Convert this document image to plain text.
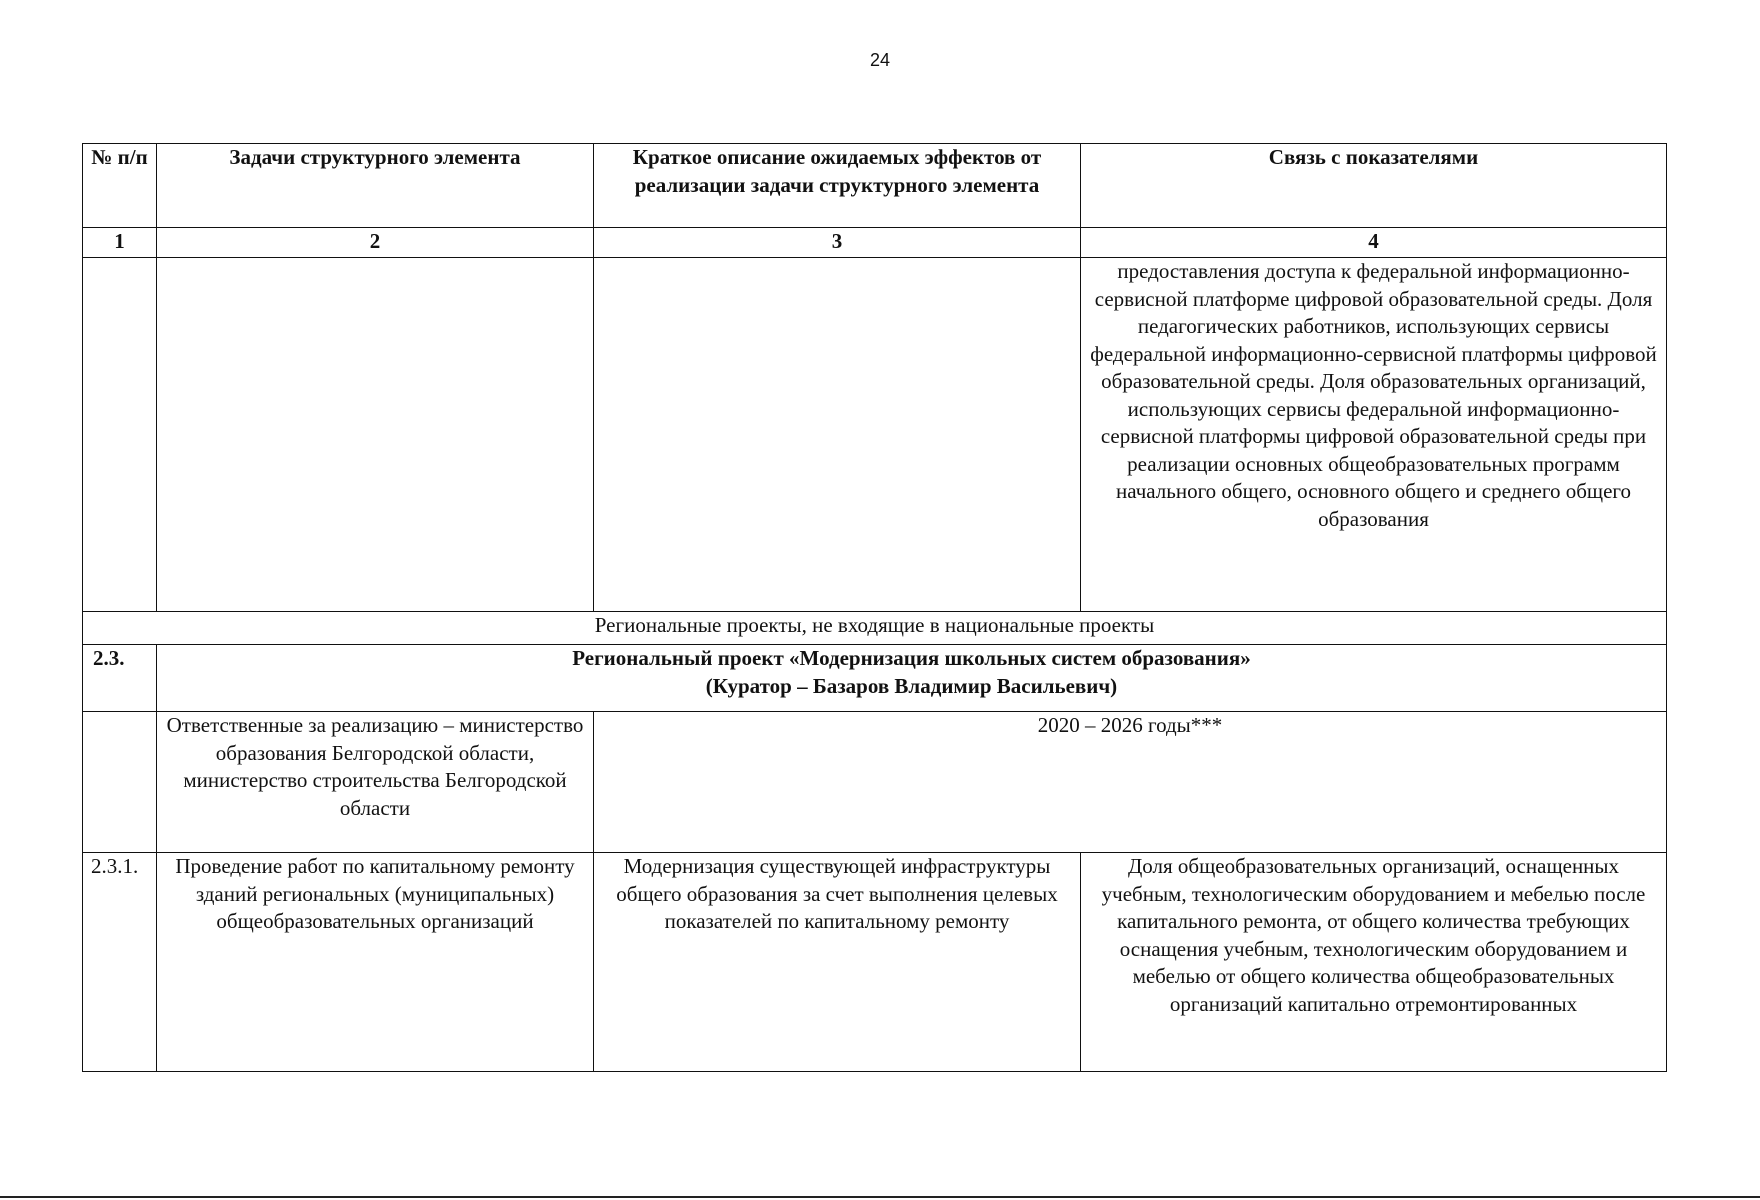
24
№ п/п	Задачи структурного элемента	Краткое описание ожидаемых эффектов от реализации задачи структурного элемента	Связь с показателями
1	2	3	4
			предоставления доступа к федеральной информационно-сервисной платформе цифровой образовательной среды. Доля педагогических работников, использующих сервисы федеральной информационно-сервисной платформы цифровой образовательной среды. Доля образовательных организаций, использующих сервисы федеральной информационно-сервисной платформы цифровой образовательной среды при реализации основных общеобразовательных программ начального общего, основного общего и среднего общего образования
Региональные проекты, не входящие в национальные проекты			
2.3.	Региональный проект «Модернизация школьных систем образования»
(Куратор – Базаров Владимир Васильевич)		

	Ответственные за реализацию – министерство образования Белгородской области, министерство строительства Белгородской области	2020 – 2026 годы***	
2.3.1.	Проведение работ по капитальному ремонту зданий региональных (муниципальных) общеобразовательных организаций	Модернизация существующей инфраструктуры общего образования за счет выполнения целевых показателей по капитальному ремонту	Доля общеобразовательных организаций, оснащенных учебным, технологическим оборудованием и мебелью после капитального ремонта, от общего количества требующих оснащения учебным, технологическим оборудованием и мебелью от общего количества общеобразовательных организаций капитально отремонтированных
